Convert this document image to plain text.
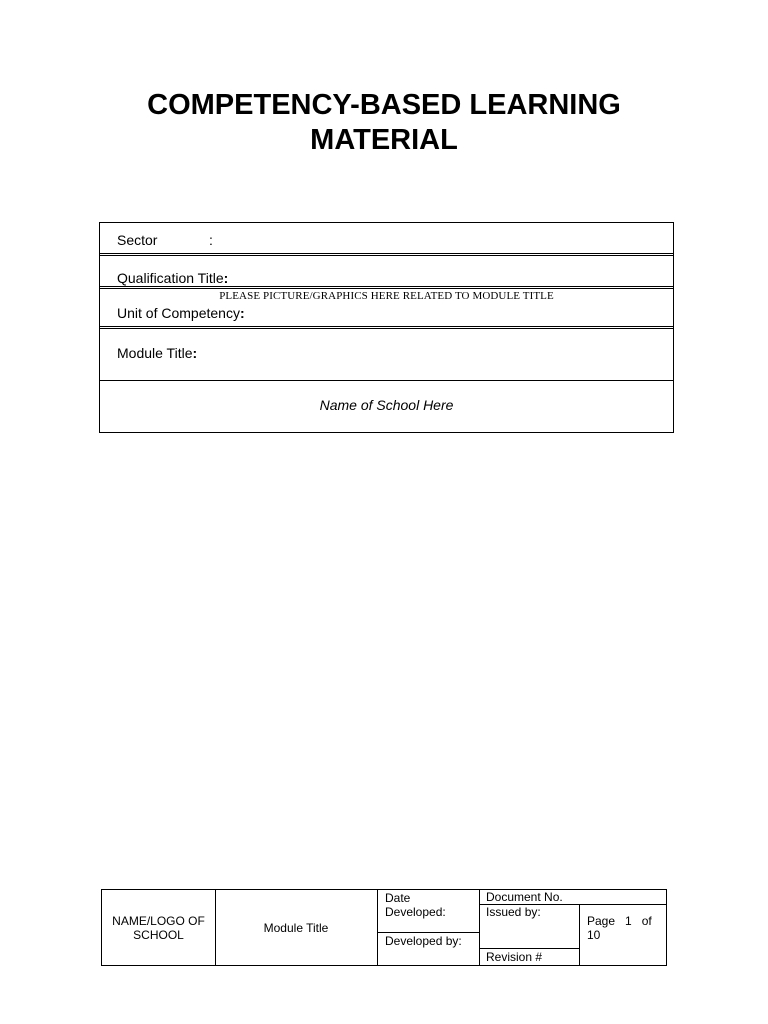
COMPETENCY-BASED LEARNING
MATERIAL
Sector	:
Qualification Title:
PLEASE PICTURE/GRAPHICS HERE RELATED TO MODULE TITLE
Unit of Competency:
Module Title:
Name of School Here
NAME/LOGO OF
SCHOOL	Module Title
Date
Developed:
Developed by:
Document No.
Issued by:
Revision #
Page 1 of
10
